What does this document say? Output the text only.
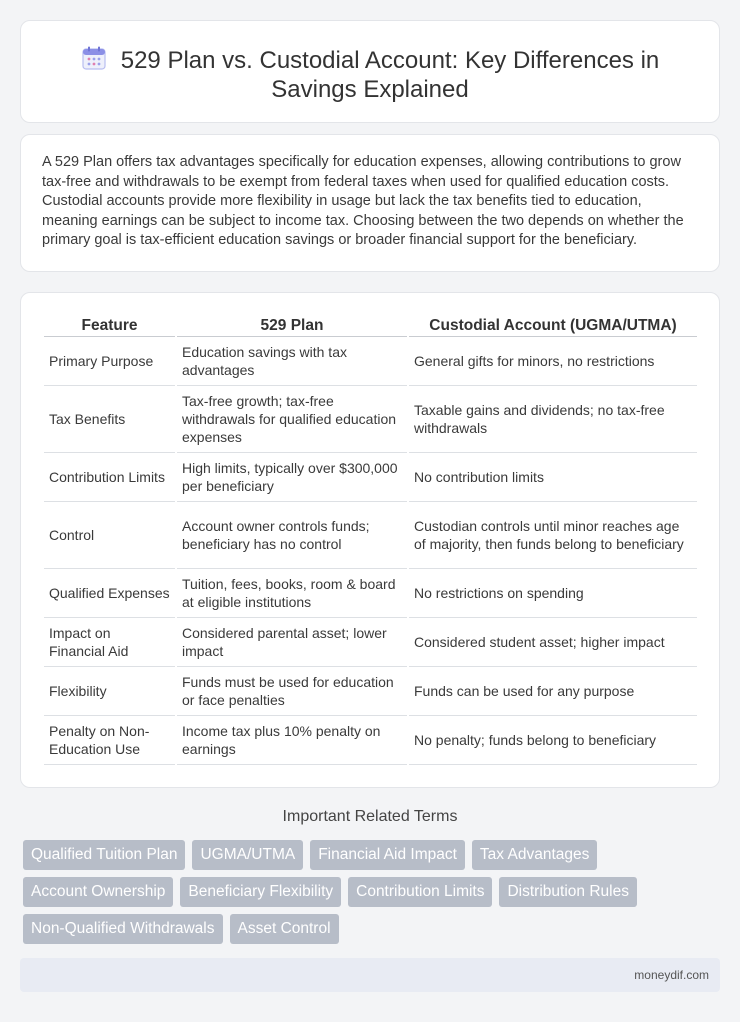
529 Plan vs. Custodial Account: Key Differences in Savings Explained

A 529 Plan offers tax advantages specifically for education expenses, allowing contributions to grow tax-free and withdrawals to be exempt from federal taxes when used for qualified education costs. Custodial accounts provide more flexibility in usage but lack the tax benefits tied to education, meaning earnings can be subject to income tax. Choosing between the two depends on whether the primary goal is tax-efficient education savings or broader financial support for the beneficiary.

Feature	529 Plan	Custodial Account (UGMA/UTMA)
Primary Purpose	Education savings with tax advantages	General gifts for minors, no restrictions
Tax Benefits	Tax-free growth; tax-free withdrawals for qualified education expenses	Taxable gains and dividends; no tax-free withdrawals
Contribution Limits	High limits, typically over $300,000 per beneficiary	No contribution limits
Control	Account owner controls funds; beneficiary has no control	Custodian controls until minor reaches age of majority, then funds belong to beneficiary
Qualified Expenses	Tuition, fees, books, room & board at eligible institutions	No restrictions on spending
Impact on Financial Aid	Considered parental asset; lower impact	Considered student asset; higher impact
Flexibility	Funds must be used for education or face penalties	Funds can be used for any purpose
Penalty on Non-Education Use	Income tax plus 10% penalty on earnings	No penalty; funds belong to beneficiary
Important Related Terms
Qualified Tuition Plan	UGMA/UTMA	Financial Aid Impact	Tax Advantages
Account Ownership	Beneficiary Flexibility	Contribution Limits	Distribution Rules
Non-Qualified Withdrawals	Asset Control
moneydif.com
